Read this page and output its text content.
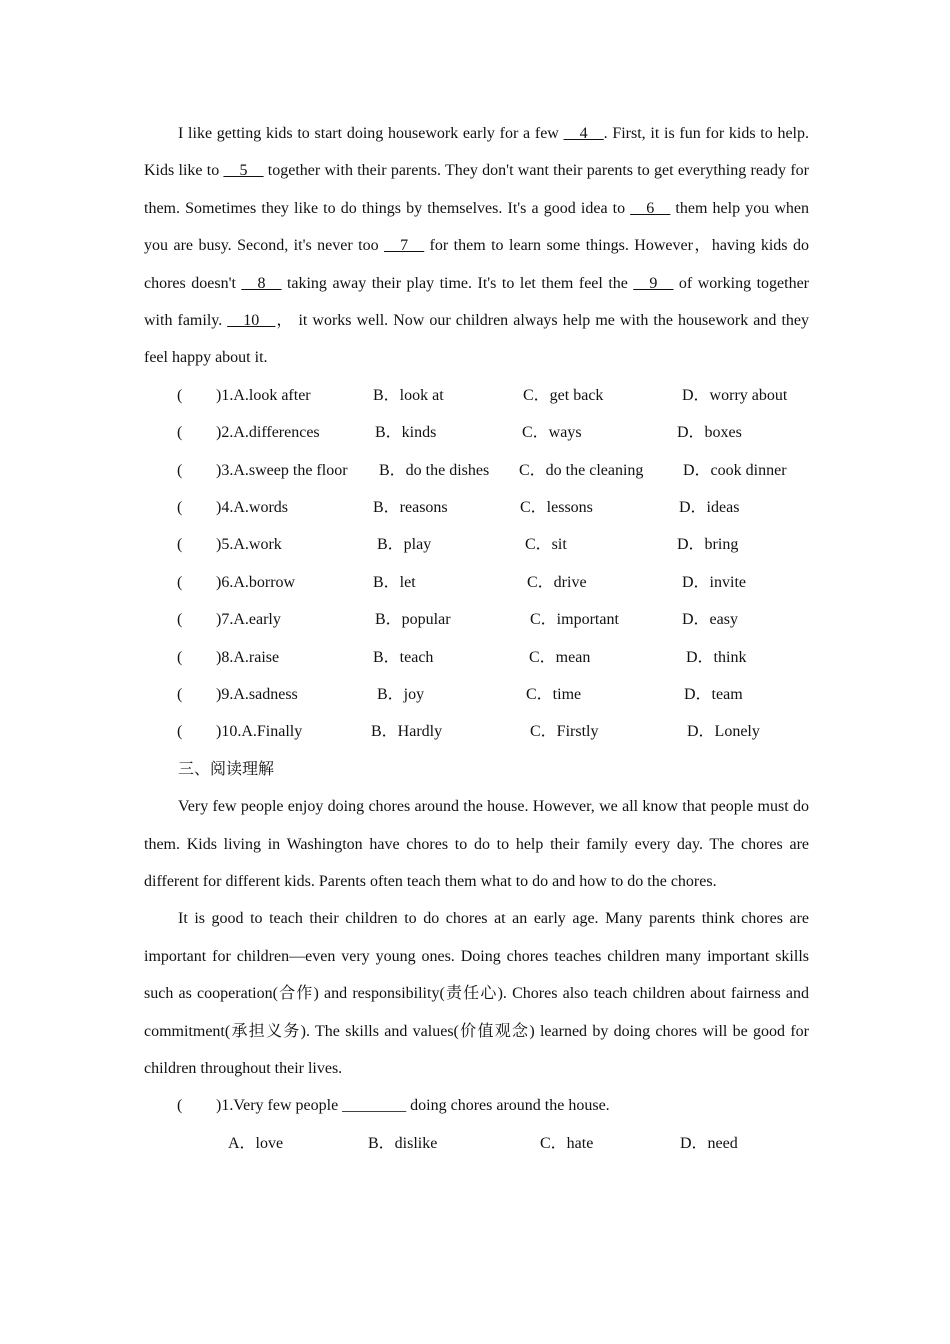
I like getting kids to start doing housework early for a few __4__. First, it is fun for kids to help. Kids like to __5__ together with their parents. They don't want their parents to get everything ready for them. Sometimes they like to do things by themselves. It's a good idea to __6__ them help you when you are busy. Second, it's never too __7__ for them to learn some things. However，having kids do chores doesn't __8__ taking away their play time. It's to let them feel the __9__ of working together with family. __10__， it works well. Now our children always help me with the housework and they feel happy about it.

( )1.A.look after	B．look at	C．get back	D．worry about
( )2.A.differences	B．kinds	C．ways	D．boxes
( )3.A.sweep the floor B．do the dishes C．do the cleaning D．cook dinner
( )4.A.words	B．reasons	C．lessons	D．ideas
( )5.A.work	B．play	C．sit	D．bring
( )6.A.borrow	B．let	C．drive	D．invite
( )7.A.early	B．popular	C．important	D．easy
( )8.A.raise	B．teach	C．mean	D．think
( )9.A.sadness	B．joy	C．time	D．team
( )10.A.Finally	B．Hardly	C．Firstly	D．Lonely
三、阅读理解

Very few people enjoy doing chores around the house. However, we all know that people must do them. Kids living in Washington have chores to do to help their family every day. The chores are different for different kids. Parents often teach them what to do and how to do the chores.

It is good to teach their children to do chores at an early age. Many parents think chores are important for children—even very young ones. Doing chores teaches children many important skills such as cooperation(合作) and responsibility(责任心). Chores also teach children about fairness and commitment(承担义务). The skills and values(价值观念) learned by doing chores will be good for children throughout their lives.

( )1.Very few people ________ doing chores around the house.
A．love	B．dislike	C．hate	D．need
